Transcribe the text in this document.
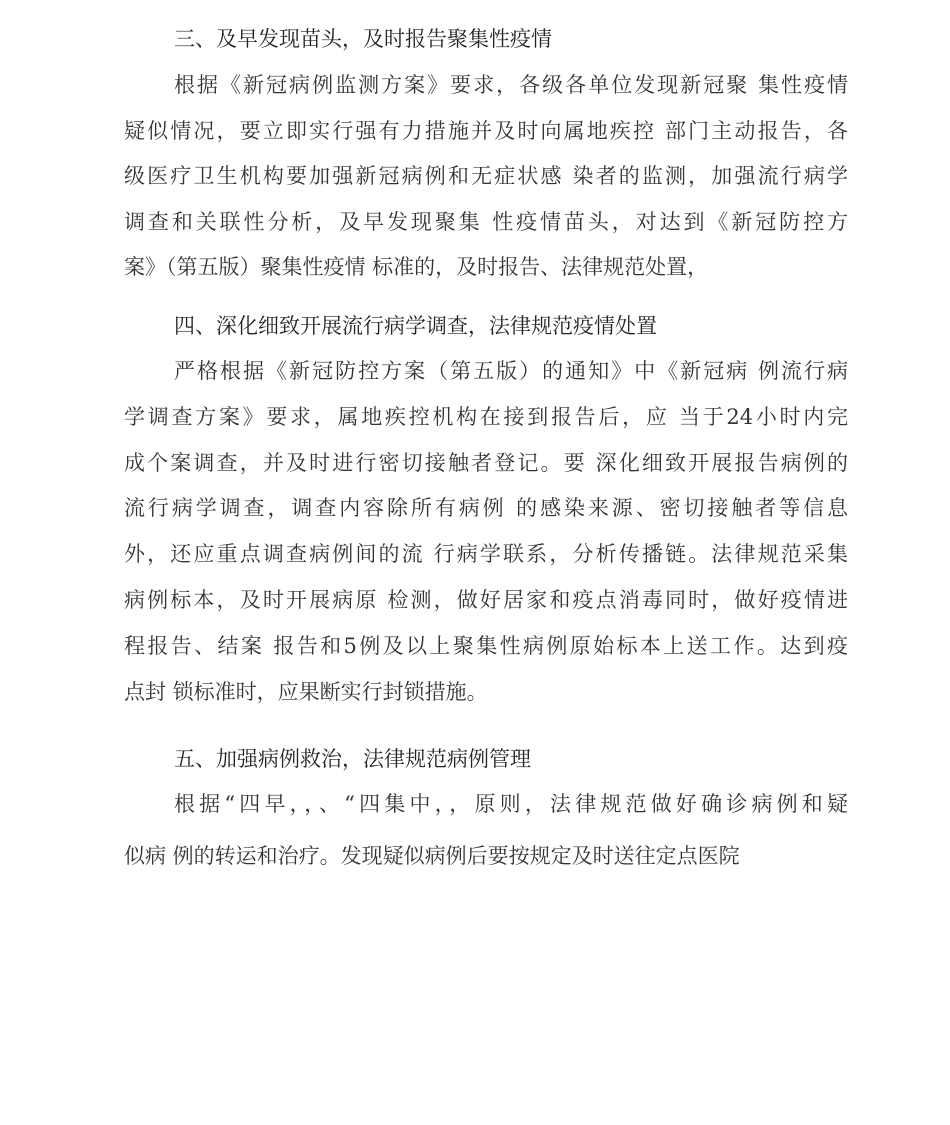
三、及早发现苗头，及时报告聚集性疫情
根据《新冠病例监测方案》要求，各级各单位发现新冠聚 集性疫情
疑似情况，要立即实行强有力措施并及时向属地疾控 部门主动报告，各
级医疗卫生机构要加强新冠病例和无症状感 染者的监测，加强流行病学
调查和关联性分析，及早发现聚集 性疫情苗头，对达到《新冠防控方
案》（第五版）聚集性疫情 标准的，及时报告、法律规范处置，
四、深化细致开展流行病学调查，法律规范疫情处置
严格根据《新冠防控方案（第五版）的通知》中《新冠病 例流行病
学调查方案》要求，属地疾控机构在接到报告后，应 当于24小时内完
成个案调查，并及时进行密切接触者登记。要 深化细致开展报告病例的
流行病学调查，调查内容除所有病例 的感染来源、密切接触者等信息
外，还应重点调查病例间的流 行病学联系，分析传播链。法律规范采集
病例标本，及时开展病原 检测，做好居家和疫点消毒同时，做好疫情进
程报告、结案 报告和5例及以上聚集性病例原始标本上送工作。达到疫
点封 锁标准时，应果断实行封锁措施。
五、加强病例救治，法律规范病例管理
根据“四早，，、“四集中，，原则，法律规范做好确诊病例和疑
似病 例的转运和治疗。发现疑似病例后要按规定及时送往定点医院
